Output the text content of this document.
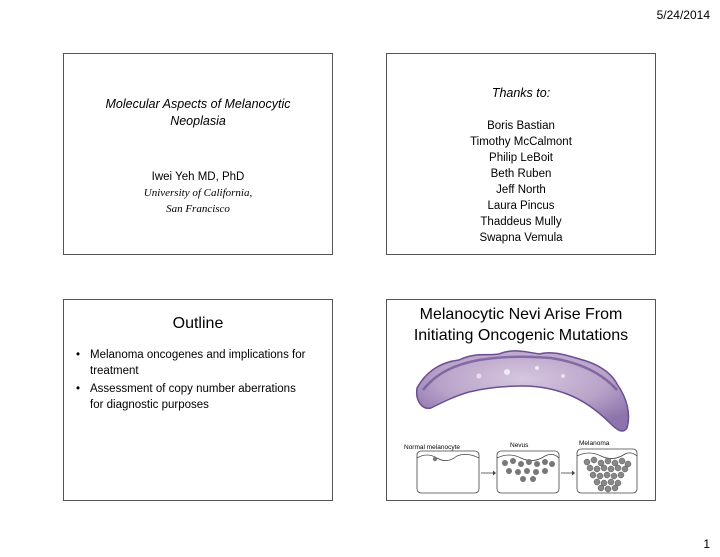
5/24/2014
Molecular Aspects of Melanocytic
Neoplasia
Iwei Yeh MD, PhD
University of California,
San Francisco
Thanks to:
Boris Bastian
Timothy McCalmont
Philip LeBoit
Beth Ruben
Jeff North
Laura Pincus
Thaddeus Mully
Swapna Vemula
Outline
• Melanoma oncogenes and implications for
treatment
• Assessment of copy number aberrations
for diagnostic purposes
Melanocytic Nevi Arise From
Initiating Oncogenic Mutations
Normal melanocyte	Nevus	Melanoma
1
